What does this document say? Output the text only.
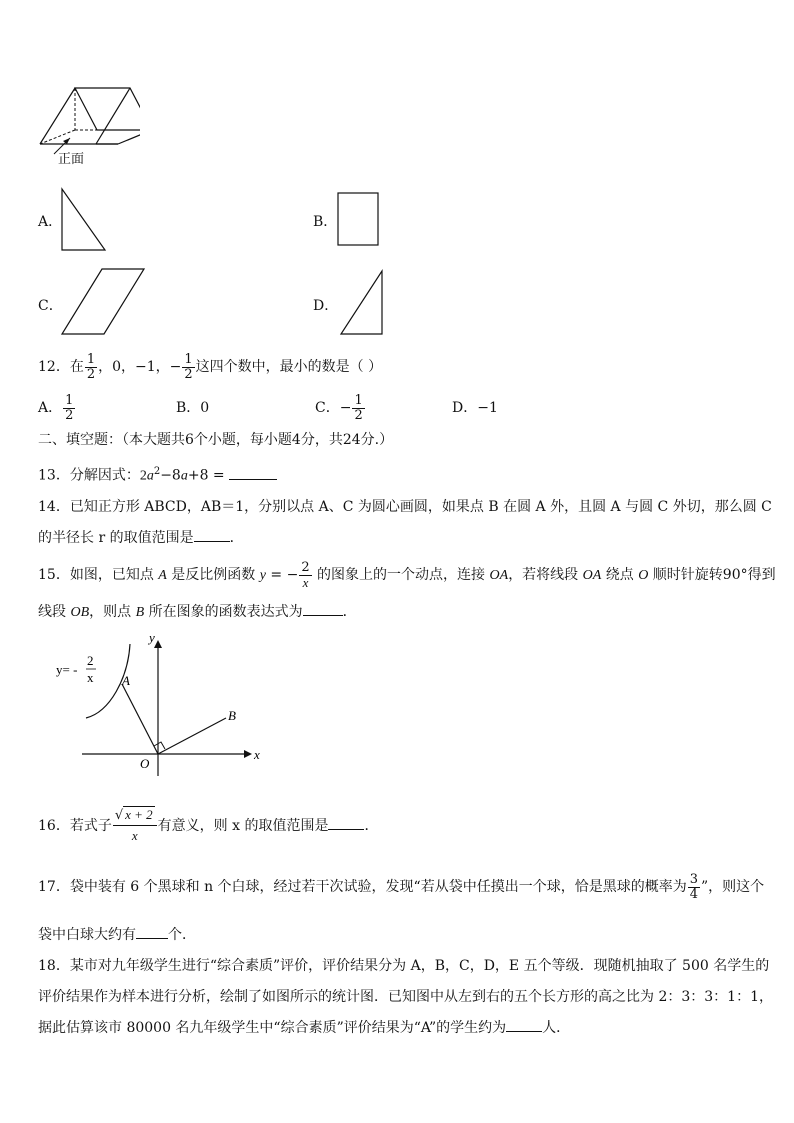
正面
A．	B．
C．	D．
12．在 $\frac{1}{2}$ ，0，−1，− $\frac{1}{2}$ 这四个数中，最小的数是（ ）
A． $\frac{1}{2}$	B．0	C．− $\frac{1}{2}$	D．−1
二、填空题：（本大题共6个小题，每小题4分，共24分.）
13．分解因式：$2a^2-8a+8$ =
14．已知正方形 ABCD，AB＝1，分别以点 A、C 为圆心画圆，如果点 B 在圆 A 外，且圆 A 与圆 C 外切，那么圆 C
的半径长 r 的取值范围是	．
15．如图，已知点 A 是反比例函数 y = − $\frac{2}{x}$ 的图象上的一个动点，连接 OA，若将线段 OA 绕点 O 顺时针旋转90°得到
线段 OB，则点 B 所在图象的函数表达式为	．
y= -
2
x A
B
O
x
y
16．若式子 $\frac{√ x + 2}{x}$ 有意义，则 x 的取值范围是	．
17．袋中装有 6 个黑球和 n 个白球，经过若干次试验，发现“若从袋中任摸出一个球，恰是黑球的概率为 $\frac{3}{4}$ ”，则这个
袋中白球大约有 个．
18．某市对九年级学生进行“综合素质”评价，评价结果分为 A，B，C，D，E 五个等级．现随机抽取了 500 名学生的
评价结果作为样本进行分析，绘制了如图所示的统计图．已知图中从左到右的五个长方形的高之比为 2：3：3：1：1，
据此估算该市 80000 名九年级学生中“综合素质”评价结果为“A”的学生约为	人．
